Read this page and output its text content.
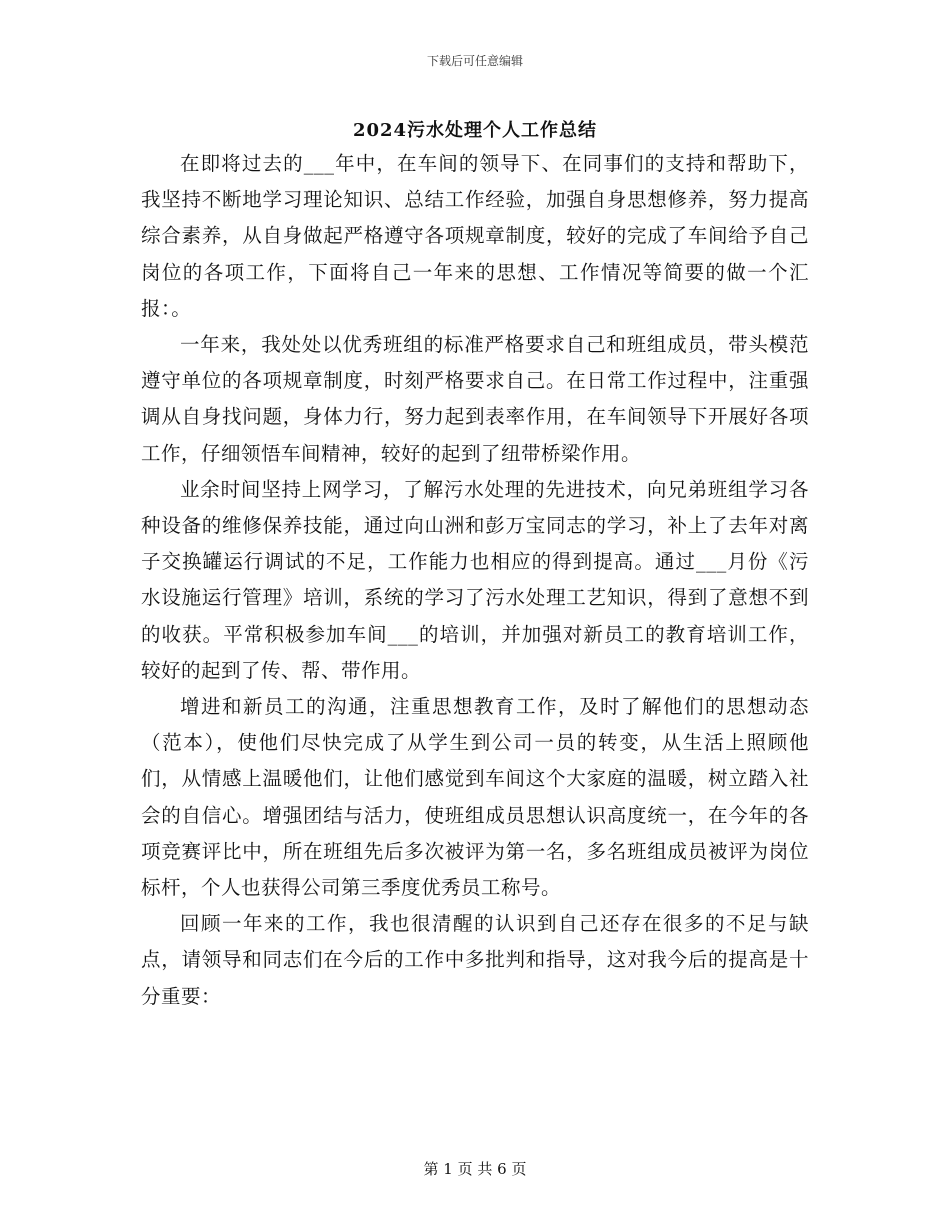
下载后可任意编辑
2024污水处理个人工作总结

在即将过去的___年中，在车间的领导下、在同事们的支持和帮助下，我坚持不断地学习理论知识、总结工作经验，加强自身思想修养，努力提高综合素养，从自身做起严格遵守各项规章制度，较好的完成了车间给予自己岗位的各项工作，下面将自己一年来的思想、工作情况等简要的做一个汇报：。

一年来，我处处以优秀班组的标准严格要求自己和班组成员，带头模范遵守单位的各项规章制度，时刻严格要求自己。在日常工作过程中，注重强调从自身找问题，身体力行，努力起到表率作用，在车间领导下开展好各项工作，仔细领悟车间精神，较好的起到了纽带桥梁作用。

业余时间坚持上网学习，了解污水处理的先进技术，向兄弟班组学习各种设备的维修保养技能，通过向山洲和彭万宝同志的学习，补上了去年对离子交换罐运行调试的不足，工作能力也相应的得到提高。通过___月份《污水设施运行管理》培训，系统的学习了污水处理工艺知识，得到了意想不到的收获。平常积极参加车间___的培训，并加强对新员工的教育培训工作，较好的起到了传、帮、带作用。

增进和新员工的沟通，注重思想教育工作，及时了解他们的思想动态（范本），使他们尽快完成了从学生到公司一员的转变，从生活上照顾他们，从情感上温暖他们，让他们感觉到车间这个大家庭的温暖，树立踏入社会的自信心。增强团结与活力，使班组成员思想认识高度统一，在今年的各项竞赛评比中，所在班组先后多次被评为第一名，多名班组成员被评为岗位标杆，个人也获得公司第三季度优秀员工称号。

回顾一年来的工作，我也很清醒的认识到自己还存在很多的不足与缺点，请领导和同志们在今后的工作中多批判和指导，这对我今后的提高是十分重要：

第 1 页 共 6 页
